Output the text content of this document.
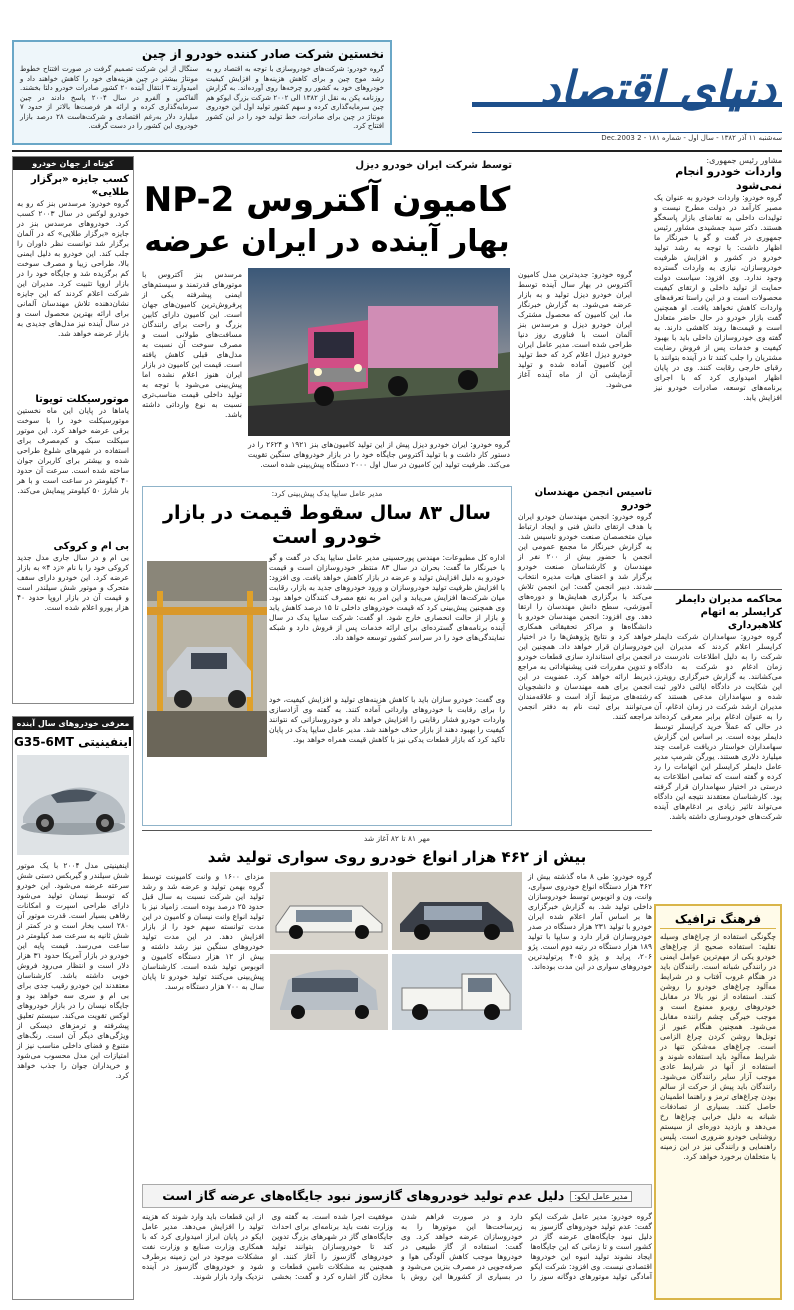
دنیای اقتصاد
سه‌شنبه ۱۱ آذر ۱۳۸۲ - سال اول - شماره ۱۸۱ - 2 Dec.2003
نخستین شرکت صادر کننده خودرو از چین
گروه خودرو: شرکت‌های خودروسازی با توجه به اقتصاد رو به رشد موج چین و برای کاهش هزینه‌ها و افزایش کیفیت خودروهای خود به کشور رو چرخه‌ها روی آورده‌اند. به گزارش روزنامه پکن به نقل از ۱۳۸۲ الی ۲۰۰۲ شرکت بزرگ ایوکو هم چین سرمایه‌گذاری کرده و سهم کشور تولید اول این خودروی مونتاژ در چین برای صادرات، خط تولید خود را در این کشور افتتاح کرد.
سنگال از این شرکت تصمیم گرفت در صورت افتتاح خطوط مونتاژ بیشتر در چین هزینه‌های خود را کاهش خواهند داد و امیدوارند ۳ انتقال آینده ۲۰ کشور صادرات خودرو دلتا بخشند. آلفاکس و آلفرو در سال ۲۰۰۴ پاسخ دادند در چین سرمایه‌گذاری کرده و ارائه هر فرصت‌ها بالاتر از حدود ۷ میلیارد دلار به‌رغم اقتصادی و شرکت‌هاست ۲۸ درصد بازار خودروی این کشور را در دست گرفت.
کوتاه از جهان خودرو
کسب جایزه «برگزار طلایی»
گروه خودرو: مرسدس بنز که رو به خودرو لوکس در سال ۲۰۰۳ کسب کرد. خودروهای مرسدس بنز در جایزه «برگزار طلایی» که در آلمان برگزار شد توانست نظر داوران را جلب کند. این خودرو به دلیل ایمنی بالا، طراحی زیبا و مصرف سوخت کم برگزیده شد و جایگاه خود را در بازار اروپا تثبیت کرد. مدیران این شرکت اعلام کردند که این جایزه نشان‌دهنده تلاش مهندسان آلمانی برای ارائه بهترین محصول است و در سال آینده نیز مدل‌های جدیدی به بازار عرضه خواهد شد.
موتورسیکلت تویوتا
یاماها در پایان این ماه نخستین موتورسیکلت خود را با سوخت برقی عرضه خواهد کرد. این موتور سیکلت سبک و کم‌مصرف برای استفاده در شهرهای شلوغ طراحی شده و بیشتر برای کاربران جوان ساخته شده است. سرعت آن حدود ۴۰ کیلومتر در ساعت است و با هر بار شارژ ۵۰ کیلومتر پیمایش می‌کند.
بی ام و کروکی
بی ام و در سال جاری مدل جدید کروکی خود را با نام «زد ۴» به بازار عرضه کرد. این خودرو دارای سقف متحرک و موتور شش سیلندر است و قیمت آن در بازار اروپا حدود ۴۰ هزار یورو اعلام شده است.
معرفی خودروهای سال آینده
اینفینیتی G35-6MT
اینفینیتی مدل ۲۰۰۴ با یک موتور شش سیلندر و گیربکس دستی شش سرعته عرضه می‌شود. این خودرو که توسط نیسان تولید می‌شود دارای طراحی اسپرت و امکانات رفاهی بسیار است. قدرت موتور آن ۲۸۰ اسب بخار است و در کمتر از شش ثانیه به سرعت صد کیلومتر در ساعت می‌رسد. قیمت پایه این خودرو در بازار آمریکا حدود ۳۱ هزار دلار است و انتظار می‌رود فروش خوبی داشته باشد. کارشناسان معتقدند این خودرو رقیب جدی برای بی ام و سری سه خواهد بود و جایگاه نیسان را در بازار خودروهای لوکس تقویت می‌کند. سیستم تعلیق پیشرفته و ترمزهای دیسکی از ویژگی‌های دیگر آن است. رنگ‌های متنوع و فضای داخلی مناسب نیز از امتیازات این مدل محسوب می‌شود و خریداران جوان را جذب خواهد کرد.
مشاور رئیس جمهوری:
واردات خودرو انجام نمی‌شود
گروه خودرو: واردات خودرو به عنوان یک مصیر کارآمد در دولت مطرح نیست و تولیدات داخلی به تقاضای بازار پاسخگو هستند. دکتر سید جمشیدی مشاور رئیس جمهوری در گفت و گو با خبرنگار ما اظهار داشت: با توجه به رشد تولید خودرو در کشور و افزایش ظرفیت خودروسازان، نیازی به واردات گسترده وجود ندارد. وی افزود: سیاست دولت حمایت از تولید داخلی و ارتقای کیفیت محصولات است و در این راستا تعرفه‌های واردات کاهش نخواهد یافت. او همچنین گفت بازار خودرو در حال حاضر متعادل است و قیمت‌ها روند کاهشی دارند. به گفته وی خودروسازان داخلی باید با بهبود کیفیت و خدمات پس از فروش رضایت مشتریان را جلب کنند تا در آینده بتوانند با رقبای خارجی رقابت کنند. وی در پایان اظهار امیدواری کرد که با اجرای برنامه‌های توسعه، صادرات خودرو نیز افزایش یابد.
محاکمه مدیران دایملر کرایسلر به اتهام کلاهبرداری
گروه خودرو: سهامداران شرکت دایملر کرایسلر اعلام کردند که مدیران این شرکت را به دلیل اطلاعات نادرست در زمان ادغام دو شرکت به دادگاه می‌کشانند. به گزارش خبرگزاری رویترز، این شکایت در دادگاه ایالتی دلاور ثبت شده و سهامداران مدعی هستند که مدیران ارشد شرکت در زمان ادغام، آن را به عنوان ادغام برابر معرفی کرده‌اند در حالی که عملاً خرید کرایسلر توسط دایملر بوده است. بر اساس این گزارش سهامداران خواستار دریافت غرامت چند میلیارد دلاری هستند. یورگن شرمپ مدیر عامل دایملر کرایسلر این اتهامات را رد کرده و گفته است که تمامی اطلاعات به درستی در اختیار سهامداران قرار گرفته بود. کارشناسان معتقدند نتیجه این دادگاه می‌تواند تاثیر زیادی بر ادغام‌های آینده شرکت‌های خودروسازی داشته باشد.
فرهنگ ترافیک
چگونگی استفاده از چراغ‌های وسیله نقلیه: استفاده صحیح از چراغ‌های خودرو یکی از مهم‌ترین عوامل ایمنی در رانندگی شبانه است. رانندگان باید در هنگام غروب آفتاب و در شرایط مه‌آلود چراغ‌های خودرو را روشن کنند. استفاده از نور بالا در مقابل خودروهای روبرو ممنوع است و موجب خیرگی چشم راننده مقابل می‌شود. همچنین هنگام عبور از تونل‌ها روشن کردن چراغ الزامی است. چراغ‌های مه‌شکن تنها در شرایط مه‌آلود باید استفاده شوند و استفاده از آنها در شرایط عادی موجب آزار سایر رانندگان می‌شود. رانندگان باید پیش از حرکت از سالم بودن چراغ‌های ترمز و راهنما اطمینان حاصل کنند. بسیاری از تصادفات شبانه به دلیل خرابی چراغ‌ها رخ می‌دهد و بازدید دوره‌ای از سیستم روشنایی خودرو ضروری است. پلیس راهنمایی و رانندگی نیز در این زمینه با متخلفان برخورد خواهد کرد.
توسط شرکت ایران خودرو دیزل
کامیون آکتروس NP-2
بهار آینده در ایران عرضه
گروه خودرو: جدیدترین مدل کامیون آکتروس در بهار سال آینده توسط ایران خودرو دیزل تولید و به بازار عرضه می‌شود. به گزارش خبرنگار ما، این کامیون که محصول مشترک ایران خودرو دیزل و مرسدس بنز آلمان است با فناوری روز دنیا طراحی شده است. مدیر عامل ایران خودرو دیزل اعلام کرد که خط تولید این کامیون آماده شده و تولید آزمایشی آن از ماه آینده آغاز می‌شود.
مرسدس بنز آکتروس با موتورهای قدرتمند و سیستم‌های ایمنی پیشرفته یکی از پرفروش‌ترین کامیون‌های جهان است. این کامیون دارای کابین بزرگ و راحت برای رانندگان مسافت‌های طولانی است و مصرف سوخت آن نسبت به مدل‌های قبلی کاهش یافته است. قیمت این کامیون در بازار ایران هنوز اعلام نشده اما پیش‌بینی می‌شود با توجه به تولید داخلی قیمت مناسب‌تری نسبت به نوع وارداتی داشته باشد.
گروه خودرو: ایران خودرو دیزل پیش از این تولید کامیون‌های بنز ۱۹۲۱ و ۲۶۲۴ را در دستور کار داشت و با تولید آکتروس جایگاه خود را در بازار خودروهای سنگین تقویت می‌کند. ظرفیت تولید این کامیون در سال اول ۲۰۰۰ دستگاه پیش‌بینی شده است.
مدیر عامل سایپا یدک پیش‌بینی کرد:
سال ۸۳ سال سقوط قیمت در بازار
خودرو است
اداره کل مطبوعات: مهندس پورحسینی مدیر عامل سایپا یدک در گفت و گو با خبرنگار ما گفت: بحران در سال ۸۳ منتظر خودروسازان است و قیمت خودرو به دلیل افزایش تولید و عرضه در بازار کاهش خواهد یافت. وی افزود: با افزایش ظرفیت تولید خودروسازان و ورود خودروهای جدید به بازار، رقابت میان شرکت‌ها افزایش می‌یابد و این امر به نفع مصرف کنندگان خواهد بود. وی همچنین پیش‌بینی کرد که قیمت خودروهای داخلی تا ۱۵ درصد کاهش یابد و بازار از حالت انحصاری خارج شود. او گفت: شرکت سایپا یدک در سال آینده برنامه‌های گسترده‌ای برای ارائه خدمات پس از فروش دارد و شبکه نمایندگی‌های خود را در سراسر کشور توسعه خواهد داد.
وی گفت: خودرو سازان باید با کاهش هزینه‌های تولید و افزایش کیفیت، خود را برای رقابت با خودروهای وارداتی آماده کنند. به گفته وی آزادسازی واردات خودرو فشار رقابتی را افزایش خواهد داد و خودروسازانی که نتوانند کیفیت را بهبود دهند از بازار حذف خواهند شد. مدیر عامل سایپا یدک در پایان تاکید کرد که بازار قطعات یدکی نیز با کاهش قیمت همراه خواهد بود.
تاسیس انجمن مهندسان خودرو
گروه خودرو: انجمن مهندسان خودرو ایران با هدف ارتقای دانش فنی و ایجاد ارتباط میان متخصصان صنعت خودرو تاسیس شد. به گزارش خبرنگار ما مجمع عمومی این انجمن با حضور بیش از ۲۰۰ نفر از مهندسان و کارشناسان صنعت خودرو برگزار شد و اعضای هیات مدیره انتخاب شدند. دبیر انجمن گفت: این انجمن تلاش می‌کند با برگزاری همایش‌ها و دوره‌های آموزشی، سطح دانش مهندسان را ارتقا دهد. وی افزود: انجمن مهندسان خودرو با دانشگاه‌ها و مراکز تحقیقاتی همکاری خواهد کرد و نتایج پژوهش‌ها را در اختیار خودروسازان قرار خواهد داد. همچنین این انجمن برای استاندارد سازی قطعات خودرو و تدوین مقررات فنی پیشنهاداتی به مراجع ذیربط ارائه خواهد کرد. عضویت در این انجمن برای همه مهندسان و دانشجویان رشته‌های مرتبط آزاد است و علاقه‌مندان می‌توانند برای ثبت نام به دفتر انجمن مراجعه کنند.
مهر ۸۱ تا ۸۲ آغاز شد
بیش از ۴۶۲ هزار انواع خودرو روی سواری تولید شد
گروه خودرو: طی ۸ ماه گذشته بیش از ۴۶۲ هزار دستگاه انواع خودروی سواری، وانت، ون و اتوبوس توسط خودروسازان داخلی تولید شد. به گزارش خبرگزاری ها بر اساس آمار اعلام شده ایران خودرو با تولید ۲۳۱ هزار دستگاه در صدر خودروسازان قرار دارد و سایپا با تولید ۱۸۹ هزار دستگاه در رتبه دوم است. پژو ۲۰۶، پراید و پژو ۴۰۵ پرتولیدترین خودروهای سواری در این مدت بوده‌اند.
مزدای ۱۶۰۰ و وانت کامیونت توسط گروه بهمن تولید و عرضه شد و رشد تولید این شرکت نسبت به سال قبل حدود ۲۵ درصد بوده است. زامیاد نیز با تولید انواع وانت نیسان و کامیون در این مدت توانسته سهم خود را از بازار افزایش دهد. در این مدت تولید خودروهای سنگین نیز رشد داشته و بیش از ۱۲ هزار دستگاه کامیون و اتوبوس تولید شده است. کارشناسان پیش‌بینی می‌کنند تولید خودرو تا پایان سال به ۷۰۰ هزار دستگاه برسد.
مدیر عامل ایکو:
دلیل عدم تولید خودروهای گازسوز نبود جایگاه‌های عرضه گاز است
گروه خودرو: مدیر عامل شرکت ایکو گفت: عدم تولید خودروهای گازسوز به دلیل نبود جایگاه‌های عرضه گاز در کشور است و تا زمانی که این جایگاه‌ها ایجاد نشوند تولید انبوه این خودروها اقتصادی نیست. وی افزود: شرکت ایکو آمادگی تولید موتورهای دوگانه سوز را دارد و در صورت فراهم شدن زیرساخت‌ها این موتورها را به خودروسازان عرضه خواهد کرد. وی گفت: استفاده از گاز طبیعی در خودروها موجب کاهش آلودگی هوا و صرفه‌جویی در مصرف بنزین می‌شود و در بسیاری از کشورها این روش با موفقیت اجرا شده است. به گفته وی وزارت نفت باید برنامه‌ای برای احداث جایگاه‌های گاز در شهرهای بزرگ تدوین کند تا خودروسازان بتوانند تولید خودروهای گازسوز را آغاز کنند. او همچنین به مشکلات تامین قطعات و مخازن گاز اشاره کرد و گفت: بخشی از این قطعات باید وارد شوند که هزینه تولید را افزایش می‌دهد. مدیر عامل ایکو در پایان ابراز امیدواری کرد که با همکاری وزارت صنایع و وزارت نفت مشکلات موجود در این زمینه برطرف شود و خودروهای گازسوز در آینده نزدیک وارد بازار شوند.
